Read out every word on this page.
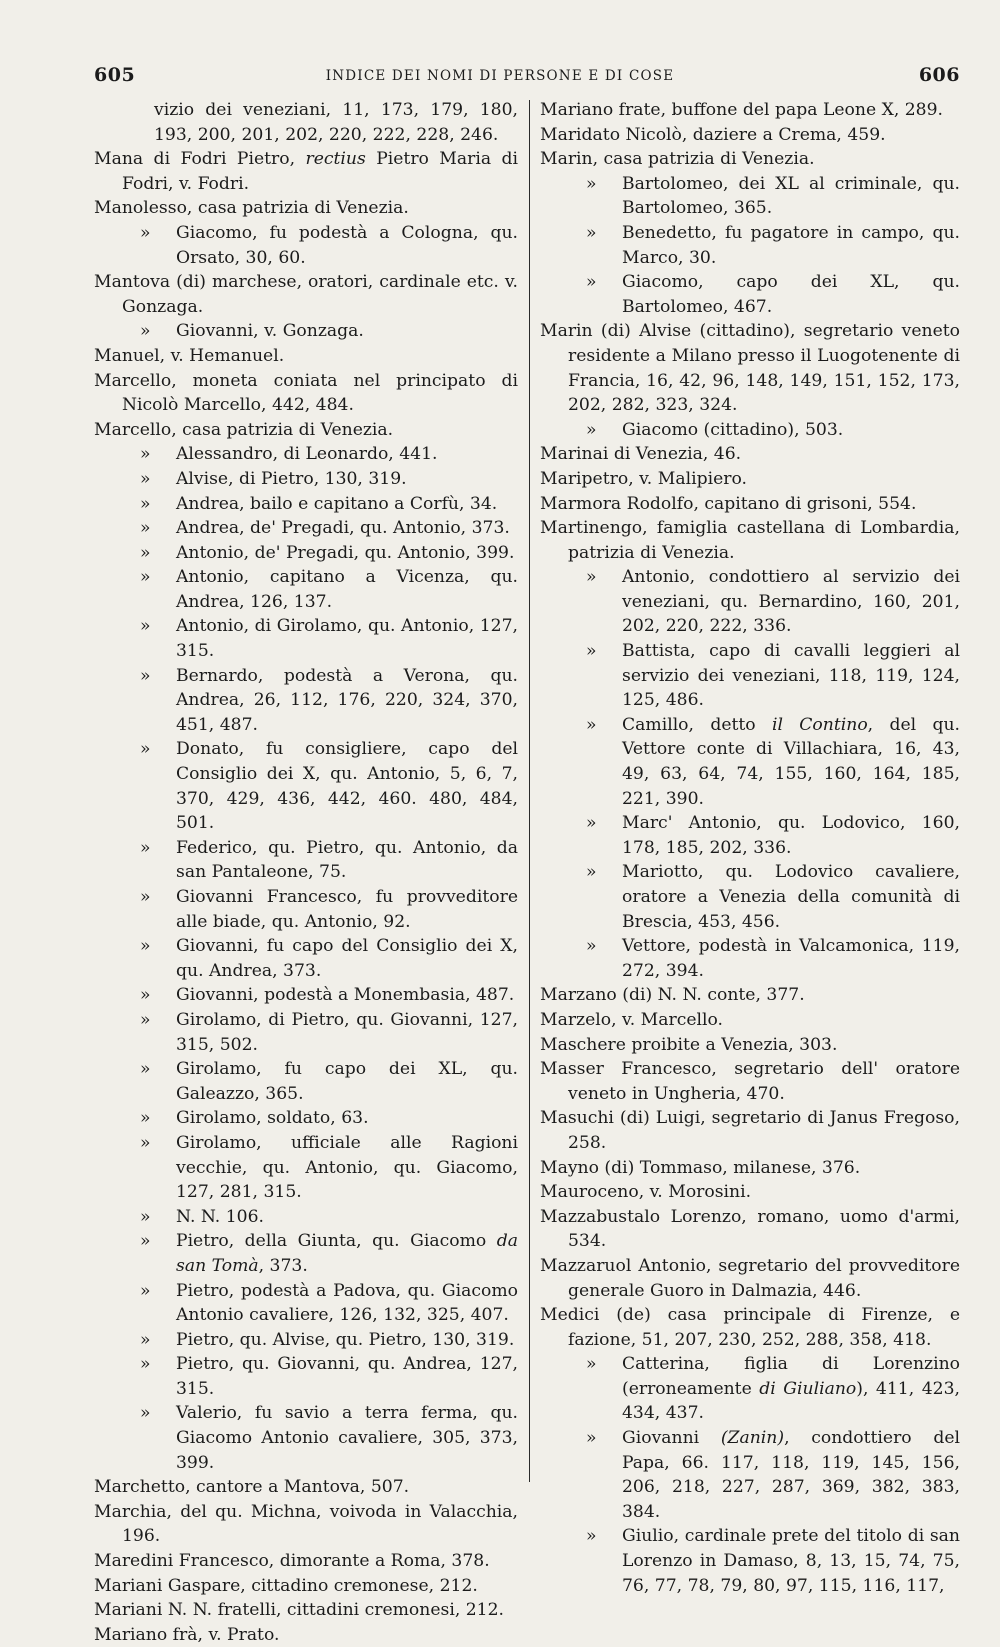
605	INDICE DEI NOMI DI PERSONE E DI COSE	606
vizio dei veneziani, 11, 173, 179, 180, 193, 200, 201, 202, 220, 222, 228, 246.
Mana di Fodri Pietro, rectius Pietro Maria di Fodri, v. Fodri.
Manolesso, casa patrizia di Venezia.
» Giacomo, fu podestà a Cologna, qu. Orsato, 30, 60.
Mantova (di) marchese, oratori, cardinale etc. v. Gonzaga.
» Giovanni, v. Gonzaga.
Manuel, v. Hemanuel.
Marcello, moneta coniata nel principato di Nicolò Marcello, 442, 484.
Marcello, casa patrizia di Venezia.
» Alessandro, di Leonardo, 441.
» Alvise, di Pietro, 130, 319.
» Andrea, bailo e capitano a Corfù, 34.
» Andrea, de' Pregadi, qu. Antonio, 373.
» Antonio, de' Pregadi, qu. Antonio, 399.
» Antonio, capitano a Vicenza, qu. Andrea, 126, 137.
» Antonio, di Girolamo, qu. Antonio, 127, 315.
» Bernardo, podestà a Verona, qu. Andrea, 26, 112, 176, 220, 324, 370, 451, 487.
» Donato, fu consigliere, capo del Consiglio dei X, qu. Antonio, 5, 6, 7, 370, 429, 436, 442, 460. 480, 484, 501.
» Federico, qu. Pietro, qu. Antonio, da san Pantaleone, 75.
» Giovanni Francesco, fu provveditore alle biade, qu. Antonio, 92.
» Giovanni, fu capo del Consiglio dei X, qu. Andrea, 373.
» Giovanni, podestà a Monembasia, 487.
» Girolamo, di Pietro, qu. Giovanni, 127, 315, 502.
» Girolamo, fu capo dei XL, qu. Galeazzo, 365.
» Girolamo, soldato, 63.
» Girolamo, ufficiale alle Ragioni vecchie, qu. Antonio, qu. Giacomo, 127, 281, 315.
» N. N. 106.
» Pietro, della Giunta, qu. Giacomo da san Tomà, 373.
» Pietro, podestà a Padova, qu. Giacomo Antonio cavaliere, 126, 132, 325, 407.
» Pietro, qu. Alvise, qu. Pietro, 130, 319.
» Pietro, qu. Giovanni, qu. Andrea, 127, 315.
» Valerio, fu savio a terra ferma, qu. Giacomo Antonio cavaliere, 305, 373, 399.
Marchetto, cantore a Mantova, 507.
Marchia, del qu. Michna, voivoda in Valacchia, 196.
Maredini Francesco, dimorante a Roma, 378.
Mariani Gaspare, cittadino cremonese, 212.
Mariani N. N. fratelli, cittadini cremonesi, 212.
Mariano frà, v. Prato.
Mariano frate, buffone del papa Leone X, 289.
Maridato Nicolò, daziere a Crema, 459.
Marin, casa patrizia di Venezia.
» Bartolomeo, dei XL al criminale, qu. Bartolomeo, 365.
» Benedetto, fu pagatore in campo, qu. Marco, 30.
» Giacomo, capo dei XL, qu. Bartolomeo, 467.
Marin (di) Alvise (cittadino), segretario veneto residente a Milano presso il Luogotenente di Francia, 16, 42, 96, 148, 149, 151, 152, 173, 202, 282, 323, 324.
» Giacomo (cittadino), 503.
Marinai di Venezia, 46.
Maripetro, v. Malipiero.
Marmora Rodolfo, capitano di grisoni, 554.
Martinengo, famiglia castellana di Lombardia, patrizia di Venezia.
» Antonio, condottiero al servizio dei veneziani, qu. Bernardino, 160, 201, 202, 220, 222, 336.
» Battista, capo di cavalli leggieri al servizio dei veneziani, 118, 119, 124, 125, 486.
» Camillo, detto il Contino, del qu. Vettore conte di Villachiara, 16, 43, 49, 63, 64, 74, 155, 160, 164, 185, 221, 390.
» Marc' Antonio, qu. Lodovico, 160, 178, 185, 202, 336.
» Mariotto, qu. Lodovico cavaliere, oratore a Venezia della comunità di Brescia, 453, 456.
» Vettore, podestà in Valcamonica, 119, 272, 394.
Marzano (di) N. N. conte, 377.
Marzelo, v. Marcello.
Maschere proibite a Venezia, 303.
Masser Francesco, segretario dell' oratore veneto in Ungheria, 470.
Masuchi (di) Luigi, segretario di Janus Fregoso, 258.
Mayno (di) Tommaso, milanese, 376.
Mauroceno, v. Morosini.
Mazzabustalo Lorenzo, romano, uomo d'armi, 534.
Mazzaruol Antonio, segretario del provveditore generale Guoro in Dalmazia, 446.
Medici (de) casa principale di Firenze, e fazione, 51, 207, 230, 252, 288, 358, 418.
» Catterina, figlia di Lorenzino (erroneamente di Giuliano), 411, 423, 434, 437.
» Giovanni (Zanin), condottiero del Papa, 66. 117, 118, 119, 145, 156, 206, 218, 227, 287, 369, 382, 383, 384.
» Giulio, cardinale prete del titolo di san Lorenzo in Damaso, 8, 13, 15, 74, 75, 76, 77, 78, 79, 80, 97, 115, 116, 117,
